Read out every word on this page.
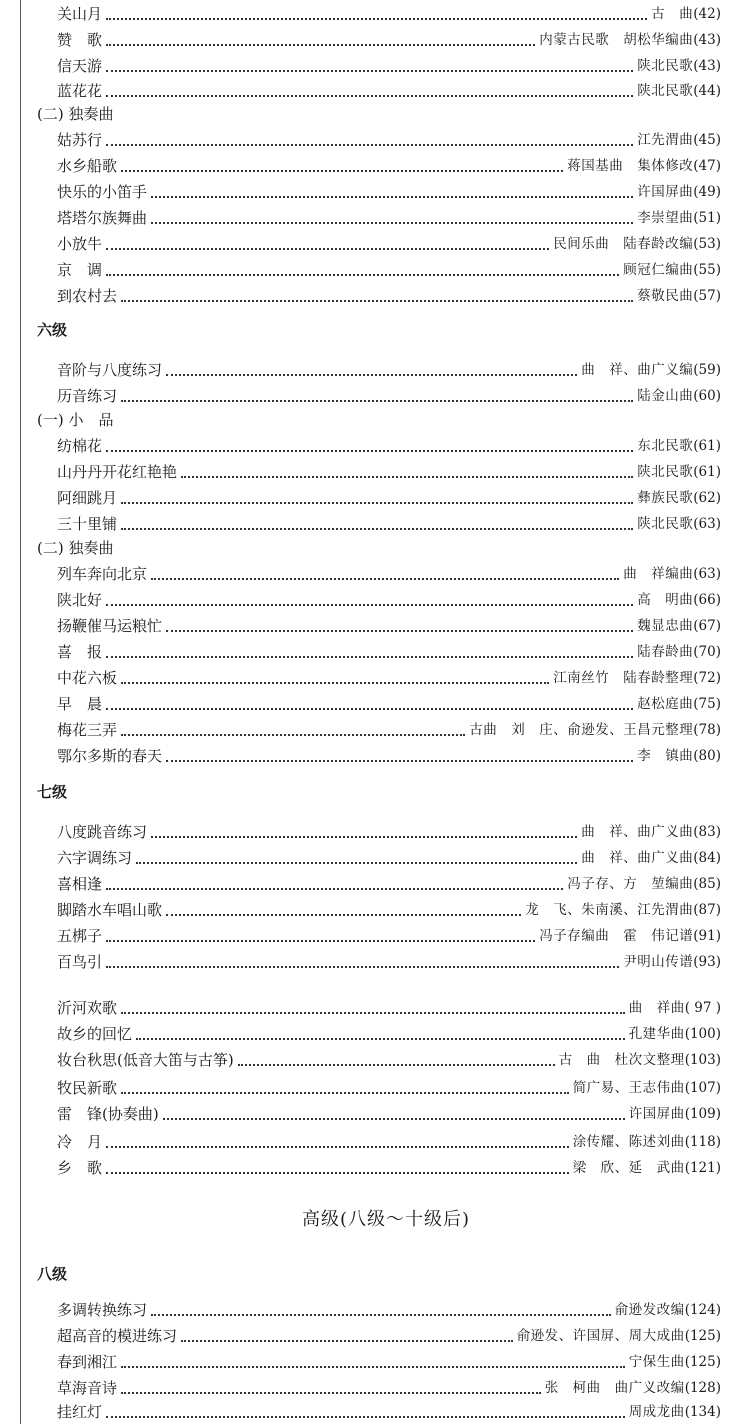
关山月	古　曲 (42)
赞　歌	内蒙古民歌　胡松华编曲 (43)
信天游	陕北民歌 (43)
蓝花花	陕北民歌 (44)
(二) 独奏曲
姑苏行	江先渭曲 (45)
水乡船歌	蒋国基曲　集体修改 (47)
快乐的小笛手	许国屏曲 (49)
塔塔尔族舞曲	李崇望曲 (51)
小放牛	民间乐曲　陆春龄改编 (53)
京　调	顾冠仁编曲 (55)
到农村去	蔡敬民曲 (57)
六级
音阶与八度练习	曲　祥、曲广义编 (59)
历音练习	陆金山曲 (60)
(一) 小　品
纺棉花	东北民歌 (61)
山丹丹开花红艳艳	陕北民歌 (61)
阿细跳月	彝族民歌 (62)
三十里铺	陕北民歌 (63)
(二) 独奏曲
列车奔向北京	曲　祥编曲 (63)
陕北好	高　明曲 (66)
扬鞭催马运粮忙	魏显忠曲 (67)
喜　报	陆春龄曲 (70)
中花六板	江南丝竹　陆春龄整理 (72)
早　晨	赵松庭曲 (75)
梅花三弄	古曲　刘　庄、俞逊发、王昌元整理 (78)
鄂尔多斯的春天	李　镇曲 (80)
七级
八度跳音练习	曲　祥、曲广义曲 (83)
六字调练习	曲　祥、曲广义曲 (84)
喜相逢	冯子存、方　堃编曲 (85)
脚踏水车唱山歌	龙　飞、朱南溪、江先渭曲 (87)
五梆子	冯子存编曲　霍　伟记谱 (91)
百鸟引	尹明山传谱 (93)
沂河欢歌	曲　祥曲 ( 97 )
故乡的回忆	孔建华曲 (100)
妆台秋思(低音大笛与古筝)	古　曲　杜次文整理 (103)
牧民新歌	简广易、王志伟曲 (107)
雷　锋(协奏曲)	许国屏曲 (109)
冷　月	涂传耀、陈述刘曲 (118)
乡　歌	梁　欣、延　武曲 (121)
高级(八级～十级后)
八级
多调转换练习	俞逊发改编 (124)
超高音的模进练习	俞逊发、许国屏、周大成曲 (125)
春到湘江	宁保生曲 (125)
草海音诗	张　柯曲　曲广义改编 (128)
挂红灯	周成龙曲 (134)
